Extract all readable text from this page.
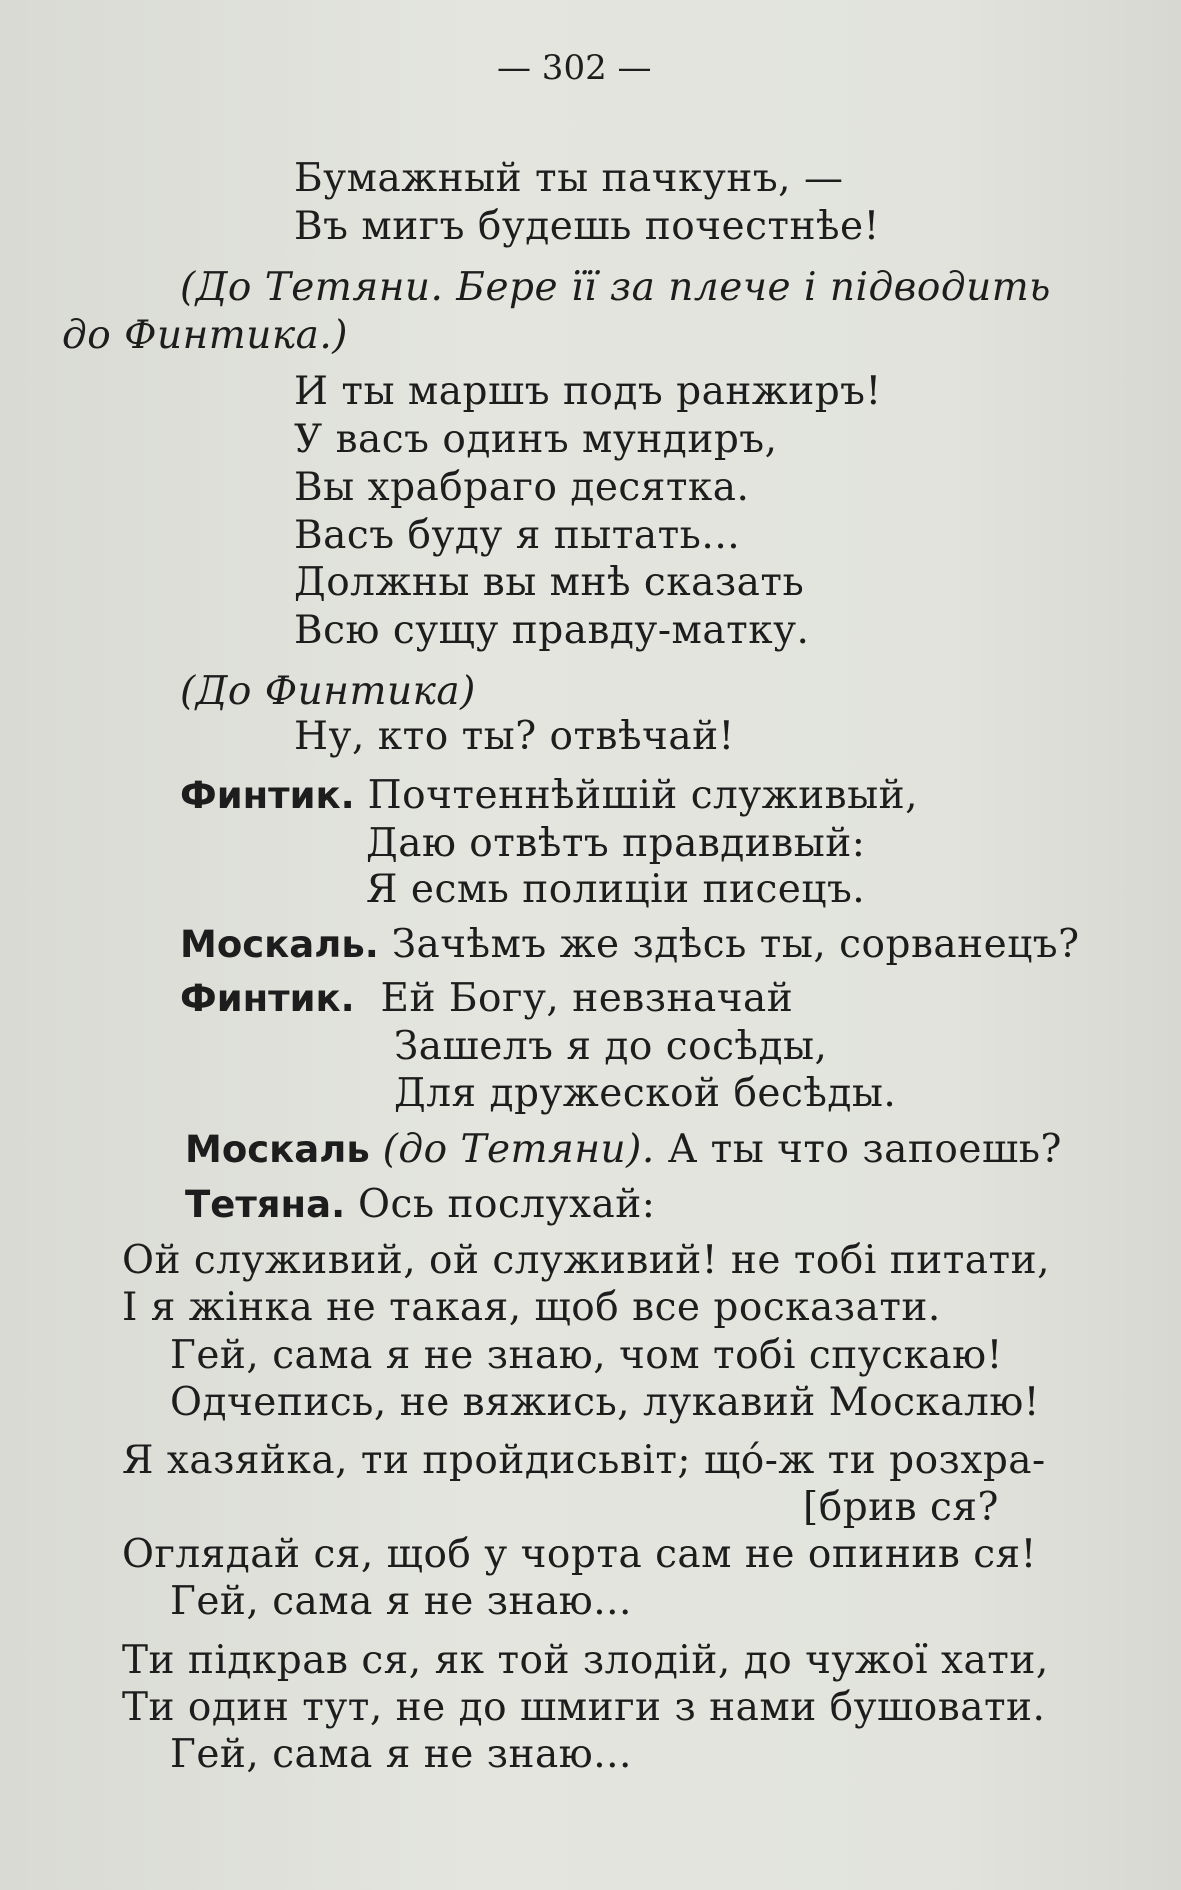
— 302 —
Бумажный ты пачкунъ, —
Въ мигъ будешь почестнѣе!
(До Тетяни. Бере її за плече і підводить
до Финтика.)
И ты маршъ подъ ранжиръ!
У васъ одинъ мундиръ,
Вы храбраго десятка.
Васъ буду я пытать...
Должны вы мнѣ сказать
Всю сущу правду-матку.
(До Финтика)
Ну, кто ты? отвѣчай!
Финтик. Почтеннѣйшій служивый,
Даю отвѣтъ правдивый:
Я есмь полиціи писецъ.
Москаль. Зачѣмъ же здѣсь ты, сорванецъ?
Финтик. Ей Богу, невзначай
Зашелъ я до сосѣды,
Для дружеской бесѣды.
Москаль (до Тетяни). А ты что запоешь?
Тетяна. Ось послухай:
Ой служивий, ой служивий! не тобі питати,
І я жінка не такая, щоб все росказати.
Гей, сама я не знаю, чом тобі спускаю!
Одчепись, не вяжись, лукавий Москалю!
Я хазяйка, ти пройдисьвіт; щó-ж ти розхра-
[брив ся?
Оглядай ся, щоб у чорта сам не опинив ся!
Гей, сама я не знаю...
Ти підкрав ся, як той злодій, до чужої хати,
Ти один тут, не до шмиги з нами бушовати.
Гей, сама я не знаю...
